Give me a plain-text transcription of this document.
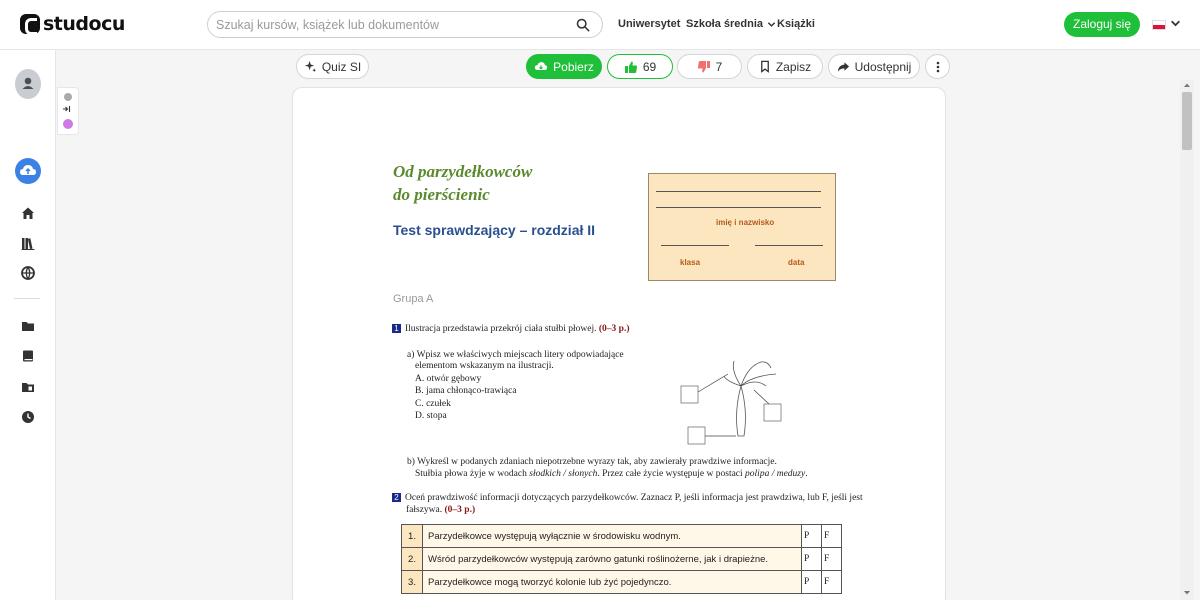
studocu
Szukaj kursów, książek lub dokumentów	Uniwersytet Szkoła średnia Książki	Zaloguj się
Quiz SI	Pobierz	69	7	Zapisz	Udostępnij
Od parzydełkowców
do pierścienic
Test sprawdzający – rozdział II	imię i nazwisko
klasa	data
Grupa A
1 Ilustracja przedstawia przekrój ciała stułbi płowej. (0–3 p.)
a) Wpisz we właściwych miejscach litery odpowiadające
elementom wskazanym na ilustracji.
A. otwór gębowy
B. jama chłonąco-trawiąca
C. czułek
D. stopa
b) Wykreśl w podanych zdaniach niepotrzebne wyrazy tak, aby zawierały prawdziwe informacje.
Stułbia płowa żyje w wodach słodkich / słonych. Przez całe życie występuje w postaci polipa / meduzy.
2 Oceń prawdziwość informacji dotyczących parzydełkowców. Zaznacz P, jeśli informacja jest prawdziwa, lub F, jeśli jest
fałszywa. (0–3 p.)
1.	Parzydełkowce występują wyłącznie w środowisku wodnym.	P	F
2.	Wśród parzydełkowców występują zarówno gatunki roślinożerne, jak i drapieżne.	P	F
3.	Parzydełkowce mogą tworzyć kolonie lub żyć pojedynczo.	P	F
